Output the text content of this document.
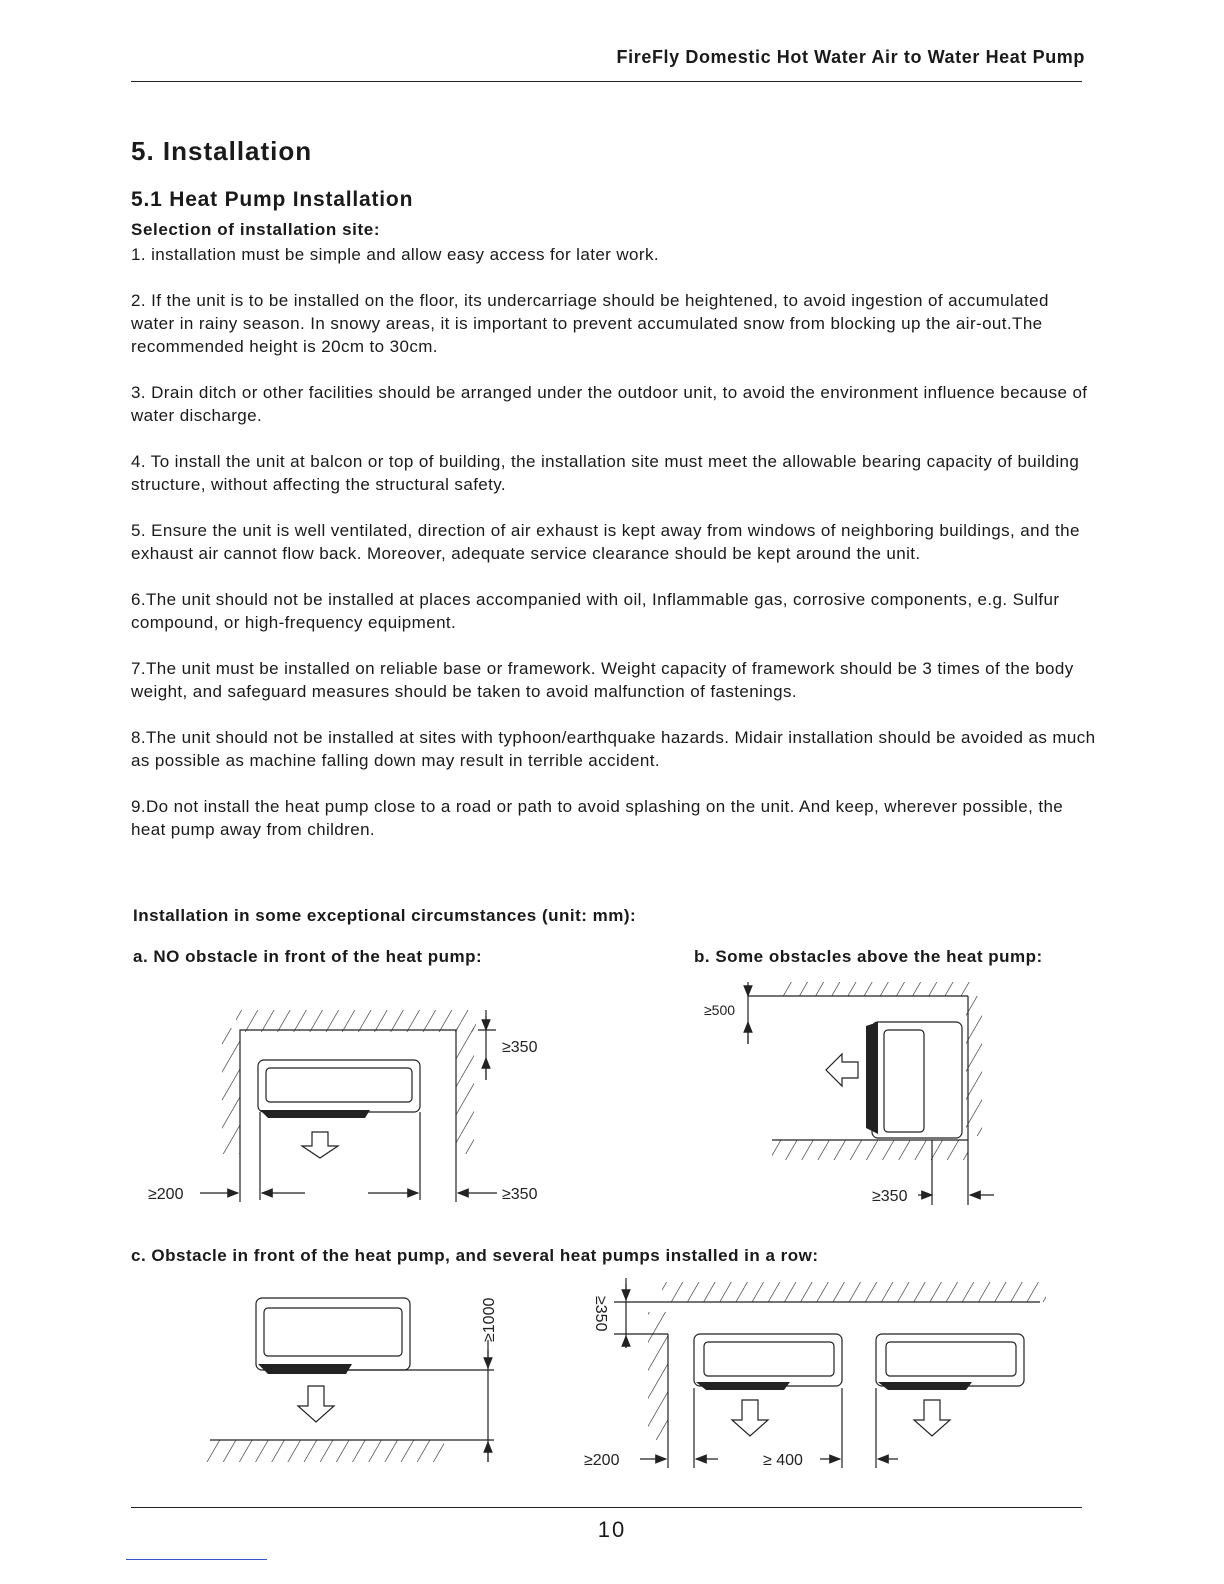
FireFly Domestic Hot Water Air to Water Heat Pump
5. Installation
5.1 Heat Pump Installation
Selection of installation site:

1. installation must be simple and allow easy access for later work.

2. If the unit is to be installed on the floor, its undercarriage should be heightened, to avoid ingestion of accumulated water in rainy season. In snowy areas, it is important to prevent accumulated snow from blocking up the air-out.The recommended height is 20cm to 30cm.

3. Drain ditch or other facilities should be arranged under the outdoor unit, to avoid the environment influence because of water discharge.

4. To install the unit at balcon or top of building, the installation site must meet the allowable bearing capacity of building structure, without affecting the structural safety.

5. Ensure the unit is well ventilated, direction of air exhaust is kept away from windows of neighboring buildings, and the exhaust air cannot flow back. Moreover, adequate service clearance should be kept around the unit.

6.The unit should not be installed at places accompanied with oil, Inflammable gas, corrosive components, e.g. Sulfur compound, or high-frequency equipment.

7.The unit must be installed on reliable base or framework. Weight capacity of framework should be 3 times of the body weight, and safeguard measures should be taken to avoid malfunction of fastenings.

8.The unit should not be installed at sites with typhoon/earthquake hazards. Midair installation should be avoided as much as possible as machine falling down may result in terrible accident.

9.Do not install the heat pump close to a road or path to avoid splashing on the unit. And keep, wherever possible, the heat pump away from children.

Installation in some exceptional circumstances (unit: mm):
a. NO obstacle in front of the heat pump:	b. Some obstacles above the heat pump:
c. Obstacle in front of the heat pump, and several heat pumps installed in a row:
≥350
≥200	≥350
≥500
≥350
≥1000	≥350
≥200	≥ 400
10
